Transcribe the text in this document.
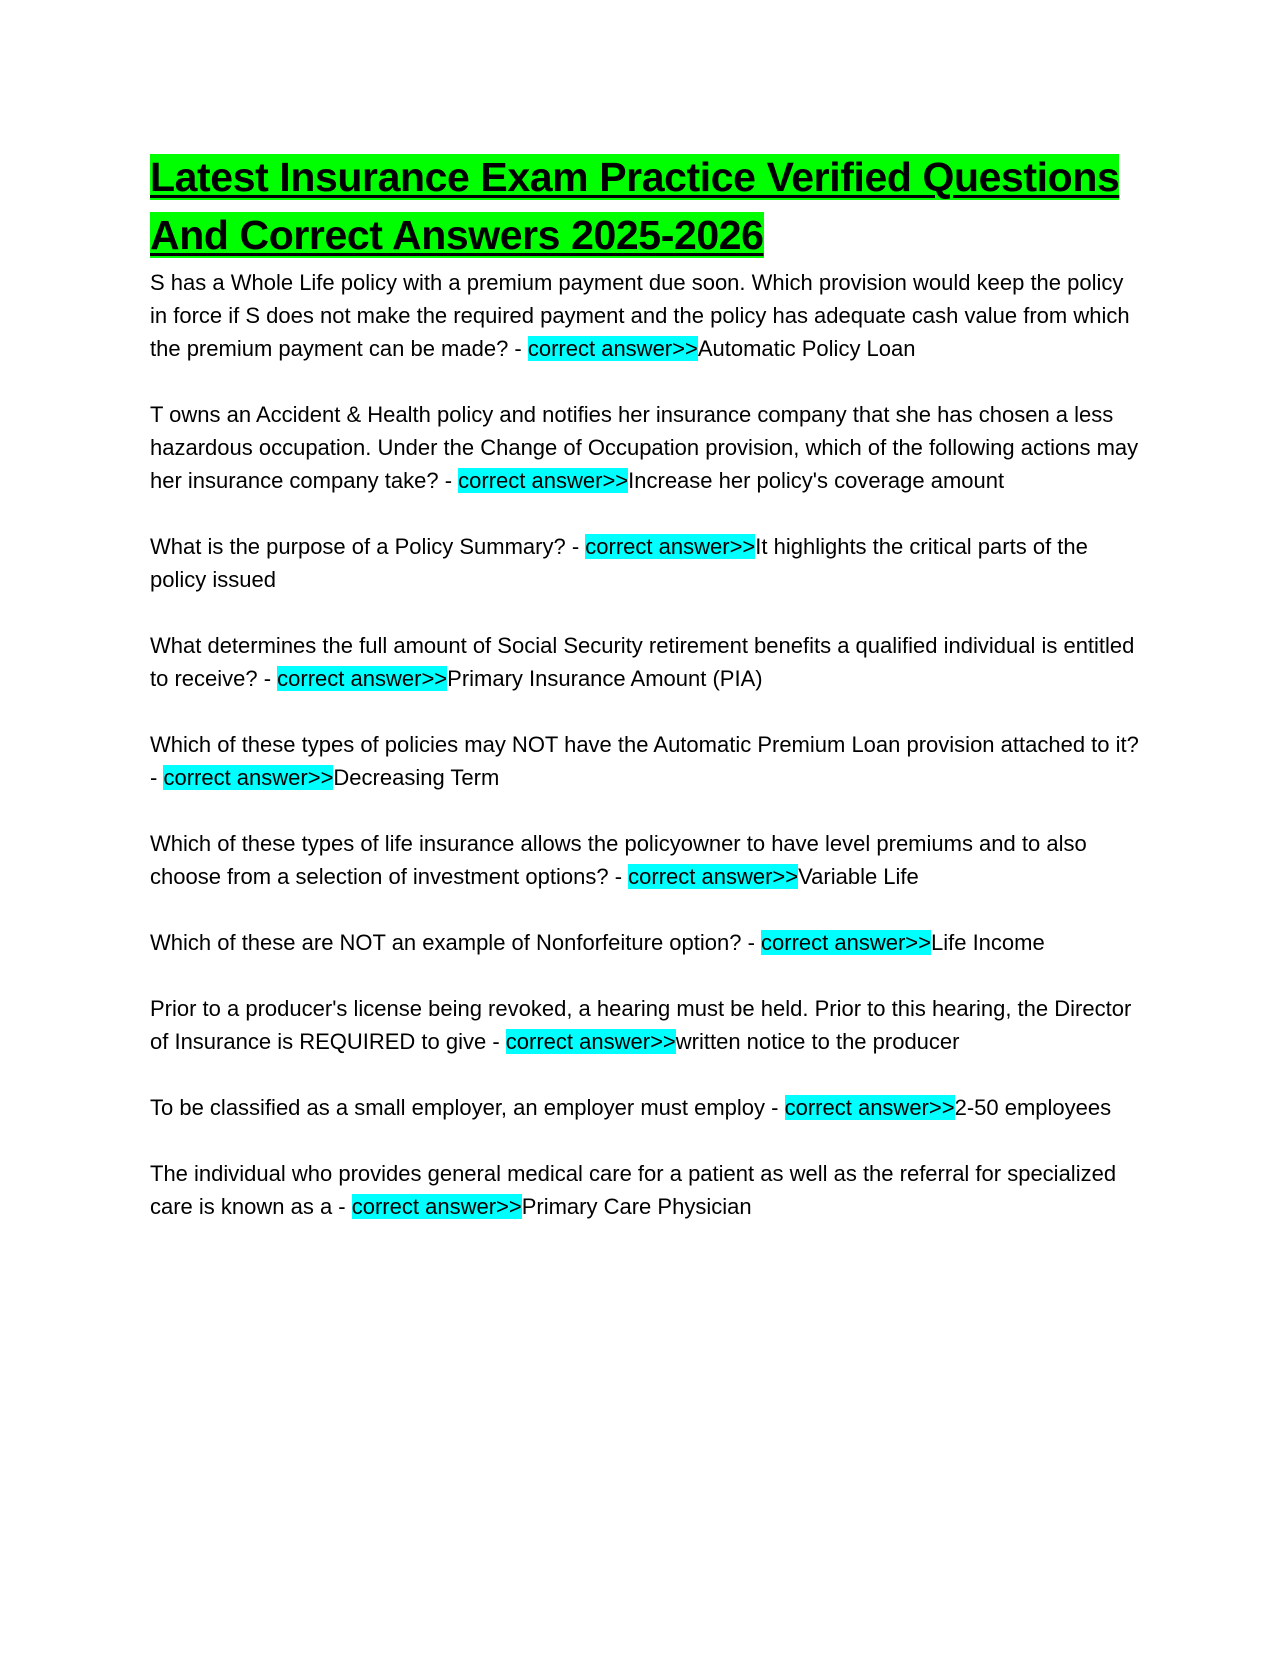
Latest Insurance Exam Practice Verified Questions And Correct Answers 2025-2026

S has a Whole Life policy with a premium payment due soon. Which provision would keep the policy in force if S does not make the required payment and the policy has adequate cash value from which the premium payment can be made? - correct answer>>Automatic Policy Loan

T owns an Accident & Health policy and notifies her insurance company that she has chosen a less hazardous occupation. Under the Change of Occupation provision, which of the following actions may her insurance company take? - correct answer>>Increase her policy's coverage amount

What is the purpose of a Policy Summary? - correct answer>>It highlights the critical parts of the policy issued

What determines the full amount of Social Security retirement benefits a qualified individual is entitled to receive? - correct answer>>Primary Insurance Amount (PIA)

Which of these types of policies may NOT have the Automatic Premium Loan provision attached to it? - correct answer>>Decreasing Term

Which of these types of life insurance allows the policyowner to have level premiums and to also choose from a selection of investment options? - correct answer>>Variable Life

Which of these are NOT an example of Nonforfeiture option? - correct answer>>Life Income

Prior to a producer's license being revoked, a hearing must be held. Prior to this hearing, the Director of Insurance is REQUIRED to give - correct answer>>written notice to the producer

To be classified as a small employer, an employer must employ - correct answer>>2-50 employees

The individual who provides general medical care for a patient as well as the referral for specialized care is known as a - correct answer>>Primary Care Physician
